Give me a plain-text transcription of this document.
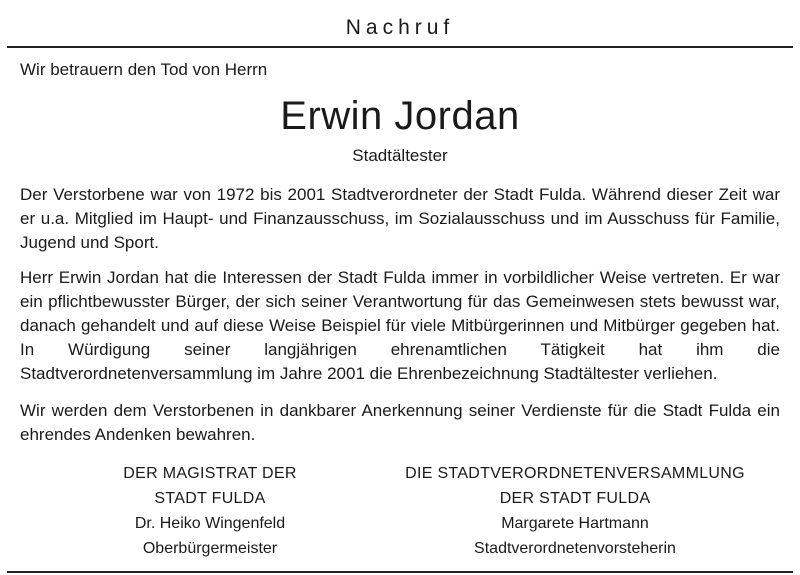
Nachruf
Wir betrauern den Tod von Herrn
Erwin Jordan
Stadtältester
Der Verstorbene war von 1972 bis 2001 Stadtverordneter der Stadt Fulda. Während dieser Zeit war er u.a. Mitglied im Haupt- und Finanzausschuss, im Sozialausschuss und im Ausschuss für Familie, Jugend und Sport.
Herr Erwin Jordan hat die Interessen der Stadt Fulda immer in vorbildlicher Weise vertreten. Er war ein pflichtbewusster Bürger, der sich seiner Verantwortung für das Gemeinwesen stets bewusst war, danach gehandelt und auf diese Weise Beispiel für viele Mitbürgerinnen und Mitbürger gegeben hat. In Würdigung seiner langjährigen ehrenamtlichen Tätigkeit hat ihm die Stadtverordnetenversammlung im Jahre 2001 die Ehrenbezeichnung Stadtältester verliehen.
Wir werden dem Verstorbenen in dankbarer Anerkennung seiner Verdienste für die Stadt Fulda ein ehrendes Andenken bewahren.
DER MAGISTRAT DER
STADT FULDA
Dr. Heiko Wingenfeld
Oberbürgermeister
DIE STADTVERORDNETENVERSAMMLUNG
DER STADT FULDA
Margarete Hartmann
Stadtverordnetenvorsteherin
